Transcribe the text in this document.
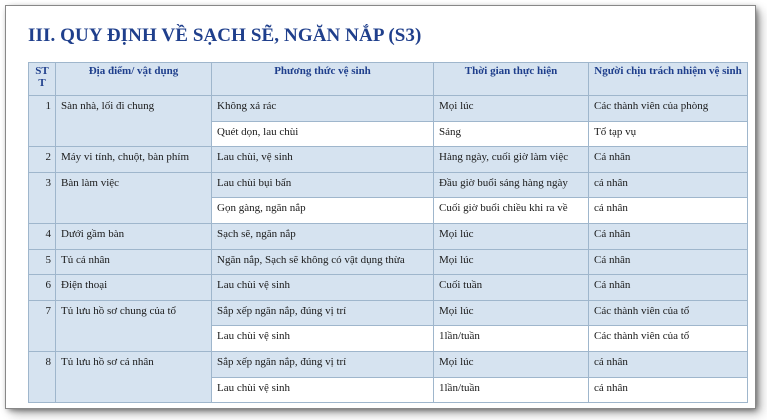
III. QUY ĐỊNH VỀ SẠCH SẼ, NGĂN NẮP (S3)
ST T	Địa điểm/ vật dụng	Phương thức vệ sinh	Thời gian thực hiện	Người chịu trách nhiệm vệ sinh
1	Sàn nhà, lối đi chung	Không xả rác	Mọi lúc	Các thành viên của phòng
		Quét dọn, lau chùi	Sáng	Tổ tạp vụ
2	Máy vi tính, chuột, bàn phím	Lau chùi, vệ sinh	Hàng ngày, cuối giờ làm việc	Cá nhân
3	Bàn làm việc	Lau chùi bụi bẩn	Đầu giờ buổi sáng hàng ngày	cá nhân
		Gọn gàng, ngăn nắp	Cuối giờ buổi chiều khi ra về	cá nhân
4	Dưới gầm bàn	Sạch sẽ, ngăn nắp	Mọi lúc	Cá nhân
5	Tủ cá nhân	Ngăn nắp, Sạch sẽ không có vật dụng thừa	Mọi lúc	Cá nhân
6	Điện thoại	Lau chùi vệ sinh	Cuối tuần	Cá nhân
7	Tủ lưu hồ sơ chung của tổ	Sắp xếp ngăn nắp, đúng vị trí	Mọi lúc	Các thành viên của tổ
		Lau chùi vệ sinh	1lần/tuần	Các thành viên của tổ
8	Tủ lưu hồ sơ cá nhân	Sắp xếp ngăn nắp, đúng vị trí	Mọi lúc	cá nhân
		Lau chùi vệ sinh	1lần/tuần	cá nhân
